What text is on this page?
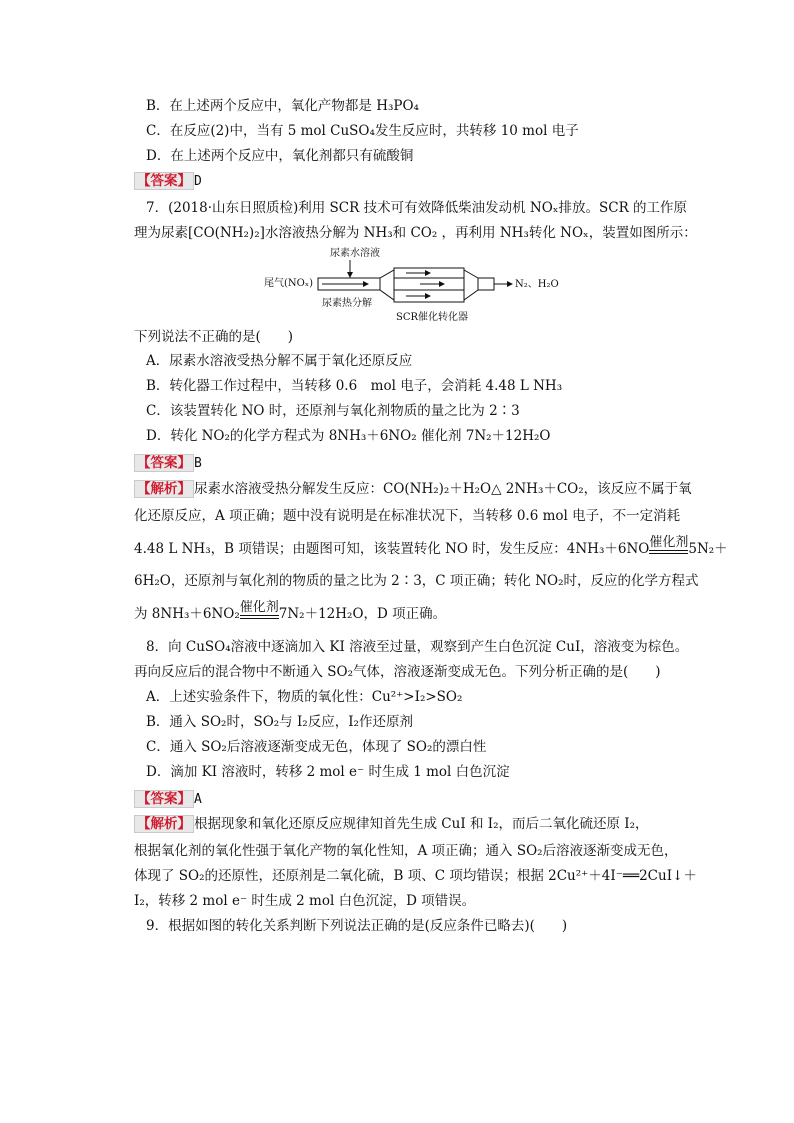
B．在上述两个反应中，氧化产物都是 H₃PO₄
C．在反应(2)中，当有 5 mol CuSO₄发生反应时，共转移 10 mol 电子
D．在上述两个反应中，氧化剂都只有硫酸铜
【答案】 D
7．(2018·山东日照质检)利用 SCR 技术可有效降低柴油发动机 NOₓ排放。SCR 的工作原
理为尿素[CO(NH₂)₂]水溶液热分解为 NH₃和 CO₂ ，再利用 NH₃转化 NOₓ，装置如图所示：
尿素水溶液
尾气(NOₓ)	N₂、H₂O
尿素热分解
SCR催化转化器
下列说法不正确的是(　　)
A．尿素水溶液受热分解不属于氧化还原反应
B．转化器工作过程中，当转移 0.6　mol 电子，会消耗 4.48 L NH₃
C．该装置转化 NO 时，还原剂与氧化剂物质的量之比为 2∶3
D．转化 NO₂的化学方程式为 8NH₃＋6NO₂ 催化剂 7N₂＋12H₂O
【答案】 B
【解析】 尿素水溶液受热分解发生反应：CO(NH₂)₂＋H₂O△ 2NH₃＋CO₂，该反应不属于氧
化还原反应，A 项正确；题中没有说明是在标准状况下，当转移 0.6 mol 电子，不一定消耗
4.48 L NH₃，B 项错误；由题图可知，该装置转化 NO 时，发生反应：4NH₃＋6NO 催化剂 5N₂＋
6H₂O，还原剂与氧化剂的物质的量之比为 2∶3，C 项正确；转化 NO₂时，反应的化学方程式
为 8NH₃＋6NO₂ 催化剂 7N₂＋12H₂O，D 项正确。
8．向 CuSO₄溶液中逐滴加入 KI 溶液至过量，观察到产生白色沉淀 CuI，溶液变为棕色。
再向反应后的混合物中不断通入 SO₂气体，溶液逐渐变成无色。下列分析正确的是(　　)
A．上述实验条件下，物质的氧化性：Cu²⁺>I₂>SO₂
B．通入 SO₂时，SO₂与 I₂反应，I₂作还原剂
C．通入 SO₂后溶液逐渐变成无色，体现了 SO₂的漂白性
D．滴加 KI 溶液时，转移 2 mol e⁻ 时生成 1 mol 白色沉淀
【答案】 A
【解析】 根据现象和氧化还原反应规律知首先生成 CuI 和 I₂，而后二氧化硫还原 I₂，
根据氧化剂的氧化性强于氧化产物的氧化性知，A 项正确；通入 SO₂后溶液逐渐变成无色，
体现了 SO₂的还原性，还原剂是二氧化硫，B 项、C 项均错误；根据 2Cu²⁺＋4I⁻══2CuI↓＋
I₂，转移 2 mol e⁻ 时生成 2 mol 白色沉淀，D 项错误。
9．根据如图的转化关系判断下列说法正确的是(反应条件已略去)(　　)
